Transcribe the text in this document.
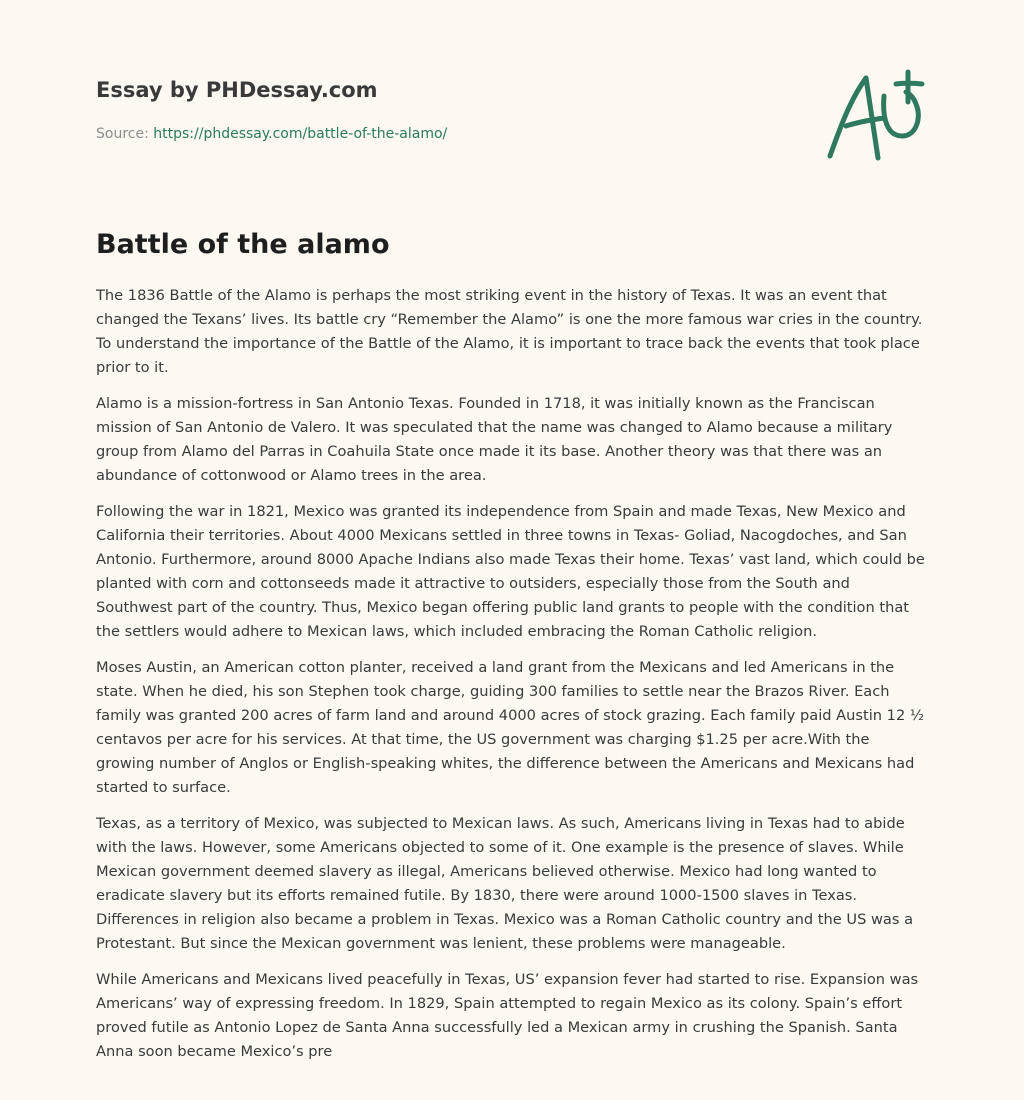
Essay by PHDessay.com
Source: https://phdessay.com/battle-of-the-alamo/
Battle of the alamo

The 1836 Battle of the Alamo is perhaps the most striking event in the history of Texas. It was an event that changed the Texans’ lives. Its battle cry “Remember the Alamo” is one the more famous war cries in the country. To understand the importance of the Battle of the Alamo, it is important to trace back the events that took place prior to it.

Alamo is a mission-fortress in San Antonio Texas. Founded in 1718, it was initially known as the Franciscan mission of San Antonio de Valero. It was speculated that the name was changed to Alamo because a military group from Alamo del Parras in Coahuila State once made it its base. Another theory was that there was an abundance of cottonwood or Alamo trees in the area.

Following the war in 1821, Mexico was granted its independence from Spain and made Texas, New Mexico and California their territories. About 4000 Mexicans settled in three towns in Texas- Goliad, Nacogdoches, and San Antonio. Furthermore, around 8000 Apache Indians also made Texas their home. Texas’ vast land, which could be planted with corn and cottonseeds made it attractive to outsiders, especially those from the South and Southwest part of the country. Thus, Mexico began offering public land grants to people with the condition that the settlers would adhere to Mexican laws, which included embracing the Roman Catholic religion.

Moses Austin, an American cotton planter, received a land grant from the Mexicans and led Americans in the state. When he died, his son Stephen took charge, guiding 300 families to settle near the Brazos River. Each family was granted 200 acres of farm land and around 4000 acres of stock grazing. Each family paid Austin 12 ½ centavos per acre for his services. At that time, the US government was charging $1.25 per acre.With the growing number of Anglos or English-speaking whites, the difference between the Americans and Mexicans had started to surface.

Texas, as a territory of Mexico, was subjected to Mexican laws. As such, Americans living in Texas had to abide with the laws. However, some Americans objected to some of it. One example is the presence of slaves. While Mexican government deemed slavery as illegal, Americans believed otherwise. Mexico had long wanted to eradicate slavery but its efforts remained futile. By 1830, there were around 1000-1500 slaves in Texas. Differences in religion also became a problem in Texas. Mexico was a Roman Catholic country and the US was a Protestant. But since the Mexican government was lenient, these problems were manageable.

While Americans and Mexicans lived peacefully in Texas, US’ expansion fever had started to rise. Expansion was Americans’ way of expressing freedom. In 1829, Spain attempted to regain Mexico as its colony. Spain’s effort proved futile as Antonio Lopez de Santa Anna successfully led a Mexican army in crushing the Spanish. Santa Anna soon became Mexico’s pre
